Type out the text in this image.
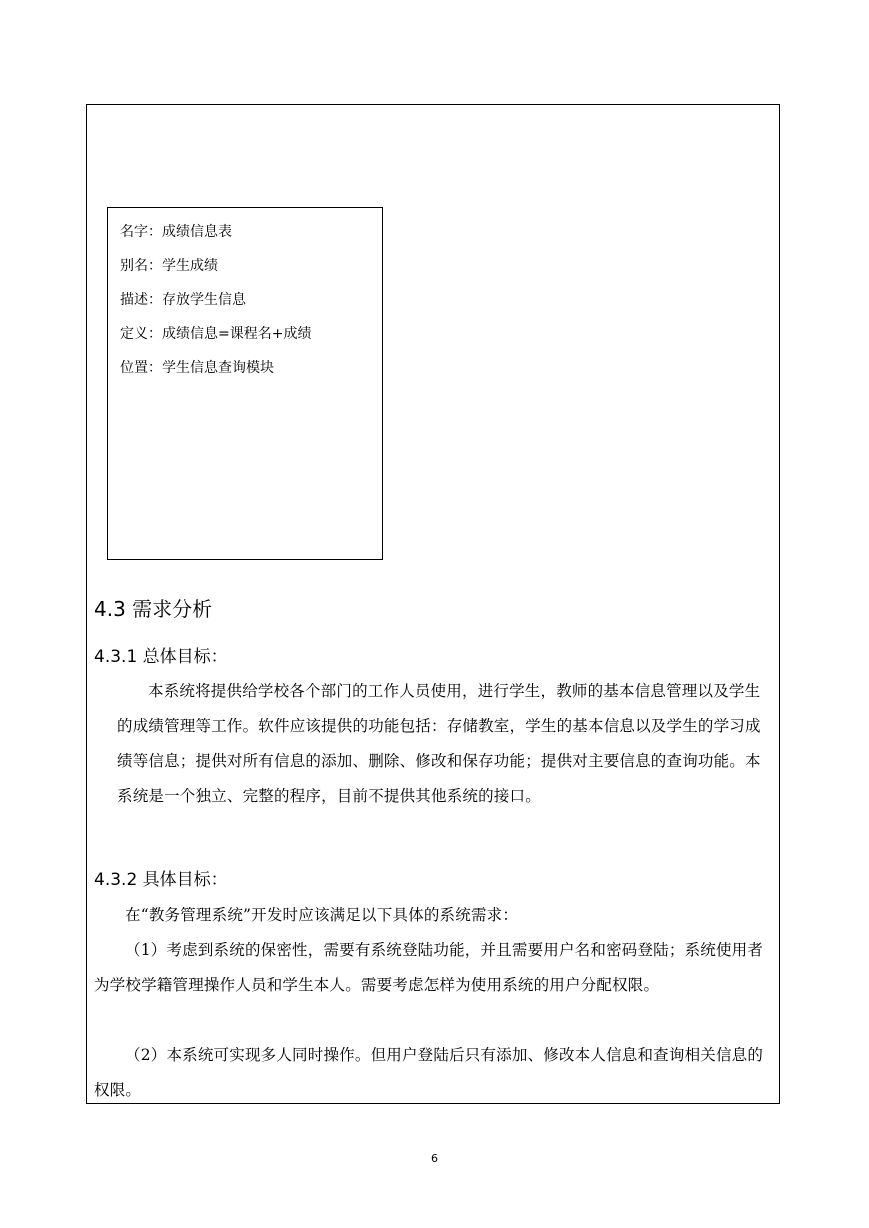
名字：成绩信息表
别名：学生成绩
描述：存放学生信息
定义：成绩信息=课程名+成绩
位置：学生信息查询模块
4.3 需求分析
4.3.1 总体目标：
本系统将提供给学校各个部门的工作人员使用，进行学生，教师的基本信息管理以及学生的成绩管理等工作。软件应该提供的功能包括：存储教室，学生的基本信息以及学生的学习成绩等信息；提供对所有信息的添加、删除、修改和保存功能；提供对主要信息的查询功能。本系统是一个独立、完整的程序，目前不提供其他系统的接口。
4.3.2 具体目标：
在“教务管理系统”开发时应该满足以下具体的系统需求：
（1）考虑到系统的保密性，需要有系统登陆功能，并且需要用户名和密码登陆；系统使用者为学校学籍管理操作人员和学生本人。需要考虑怎样为使用系统的用户分配权限。
（2）本系统可实现多人同时操作。但用户登陆后只有添加、修改本人信息和查询相关信息的权限。
6
